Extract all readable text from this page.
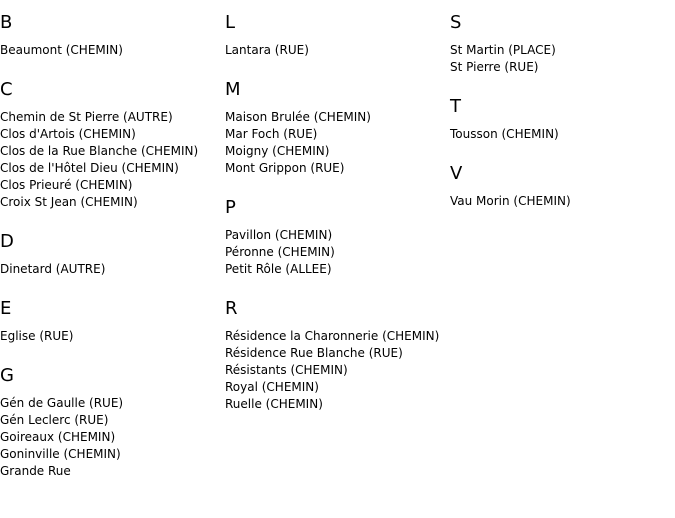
B
Beaumont (CHEMIN)
C
Chemin de St Pierre (AUTRE)
Clos d'Artois (CHEMIN)
Clos de la Rue Blanche (CHEMIN)
Clos de l'Hôtel Dieu (CHEMIN)
Clos Prieuré (CHEMIN)
Croix St Jean (CHEMIN)
D
Dinetard (AUTRE)
E
Eglise (RUE)
G
Gén de Gaulle (RUE)
Gén Leclerc (RUE)
Goireaux (CHEMIN)
Goninville (CHEMIN)
Grande Rue
L
Lantara (RUE)
M
Maison Brulée (CHEMIN)
Mar Foch (RUE)
Moigny (CHEMIN)
Mont Grippon (RUE)
P
Pavillon (CHEMIN)
Péronne (CHEMIN)
Petit Rôle (ALLEE)
R
Résidence la Charonnerie (CHEMIN)
Résidence Rue Blanche (RUE)
Résistants (CHEMIN)
Royal (CHEMIN)
Ruelle (CHEMIN)
S
St Martin (PLACE)
St Pierre (RUE)
T
Tousson (CHEMIN)
V
Vau Morin (CHEMIN)
